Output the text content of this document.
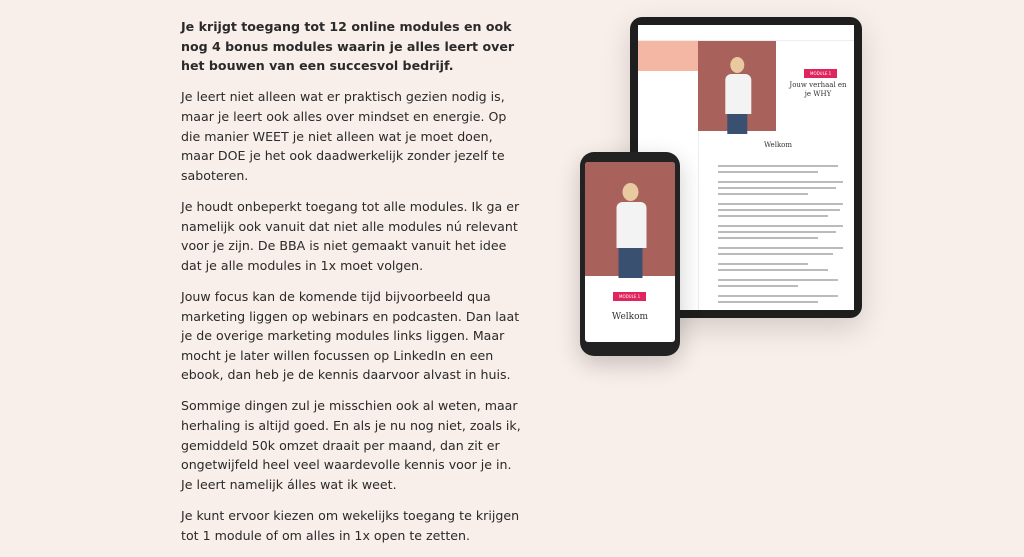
Je krijgt toegang tot 12 online modules en ook nog 4 bonus modules waarin je alles leert over het bouwen van een succesvol bedrijf.

Je leert niet alleen wat er praktisch gezien nodig is, maar je leert ook alles over mindset en energie. Op die manier WEET je niet alleen wat je moet doen, maar DOE je het ook daadwerkelijk zonder jezelf te saboteren.

Je houdt onbeperkt toegang tot alle modules. Ik ga er namelijk ook vanuit dat niet alle modules nú relevant voor je zijn. De BBA is niet gemaakt vanuit het idee dat je alle modules in 1x moet volgen.

Jouw focus kan de komende tijd bijvoorbeeld qua marketing liggen op webinars en podcasten. Dan laat je de overige marketing modules links liggen. Maar mocht je later willen focussen op LinkedIn en een ebook, dan heb je de kennis daarvoor alvast in huis.

Sommige dingen zul je misschien ook al weten, maar herhaling is altijd goed. En als je nu nog niet, zoals ik, gemiddeld 50k omzet draait per maand, dan zit er ongetwijfeld heel veel waardevolle kennis voor je in. Je leert namelijk álles wat ik weet.

Je kunt ervoor kiezen om wekelijks toegang te krijgen tot 1 module of om alles in 1x open te zetten.

MODULE 1
Jouw verhaal en je WHY
Welkom
MODULE 1
Welkom
